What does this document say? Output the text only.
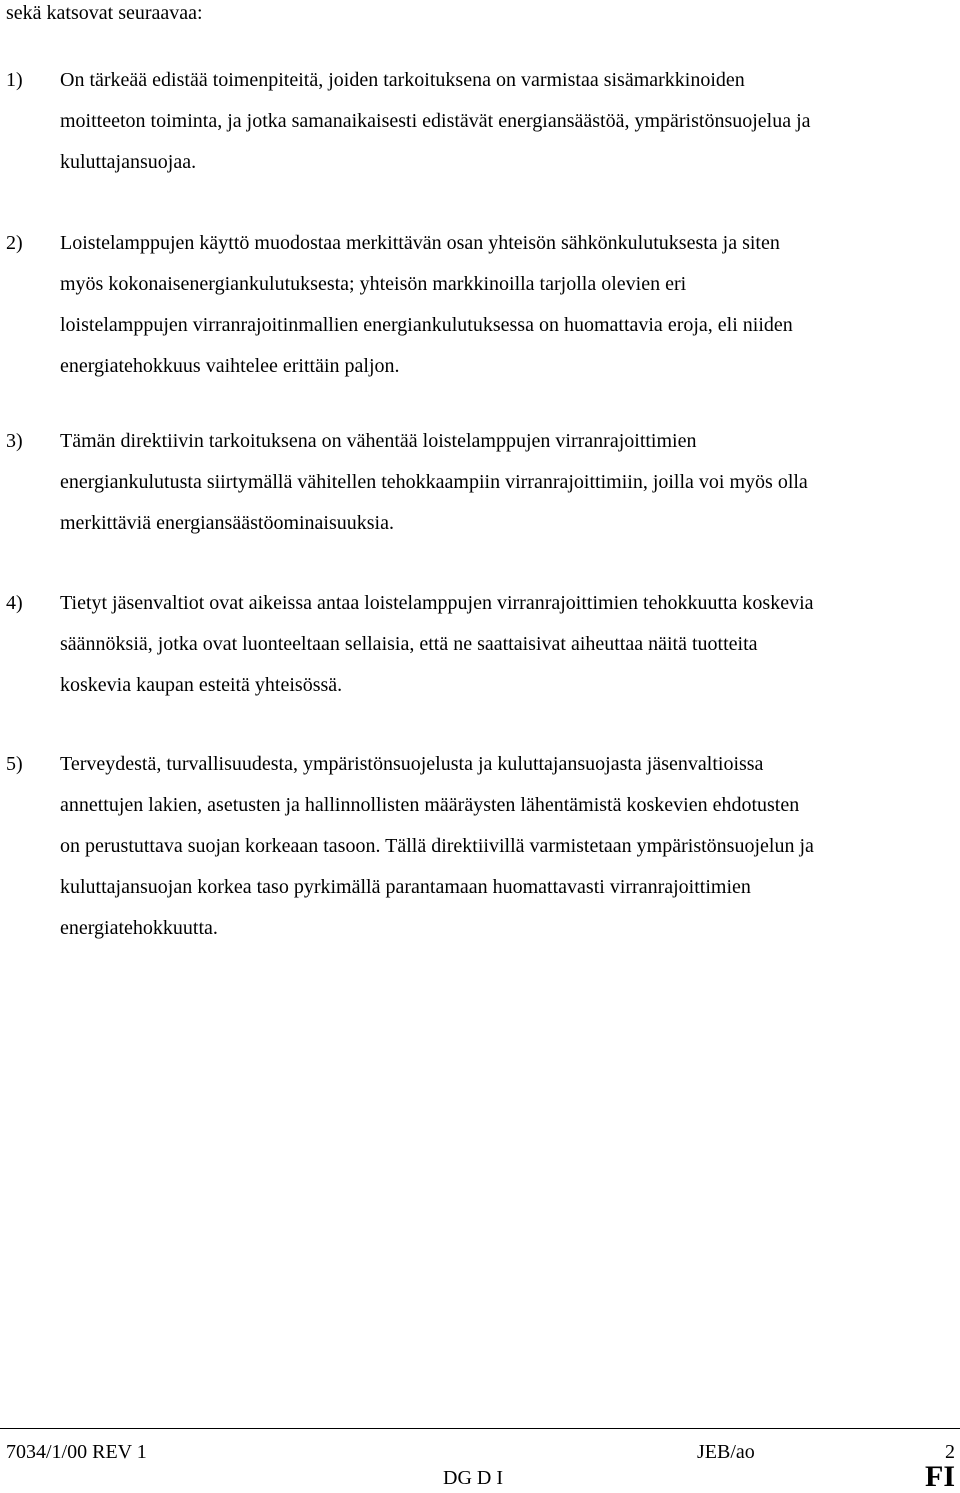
sekä katsovat seuraavaa:
1) On tärkeää edistää toimenpiteitä, joiden tarkoituksena on varmistaa sisämarkkinoiden
moitteeton toiminta, ja jotka samanaikaisesti edistävät energiansäästöä, ympäristönsuojelua ja
kuluttajansuojaa.
2) Loistelamppujen käyttö muodostaa merkittävän osan yhteisön sähkönkulutuksesta ja siten
myös kokonaisenergiankulutuksesta; yhteisön markkinoilla tarjolla olevien eri
loistelamppujen virranrajoitinmallien energiankulutuksessa on huomattavia eroja, eli niiden
energiatehokkuus vaihtelee erittäin paljon.
3) Tämän direktiivin tarkoituksena on vähentää loistelamppujen virranrajoittimien
energiankulutusta siirtymällä vähitellen tehokkaampiin virranrajoittimiin, joilla voi myös olla
merkittäviä energiansäästöominaisuuksia.
4) Tietyt jäsenvaltiot ovat aikeissa antaa loistelamppujen virranrajoittimien tehokkuutta koskevia
säännöksiä, jotka ovat luonteeltaan sellaisia, että ne saattaisivat aiheuttaa näitä tuotteita
koskevia kaupan esteitä yhteisössä.
5) Terveydestä, turvallisuudesta, ympäristönsuojelusta ja kuluttajansuojasta jäsenvaltioissa
annettujen lakien, asetusten ja hallinnollisten määräysten lähentämistä koskevien ehdotusten
on perustuttava suojan korkeaan tasoon. Tällä direktiivillä varmistetaan ympäristönsuojelun ja
kuluttajansuojan korkea taso pyrkimällä parantamaan huomattavasti virranrajoittimien
energiatehokkuutta.
7034/1/00 REV 1	JEB/ao	2
DG D I	FI
